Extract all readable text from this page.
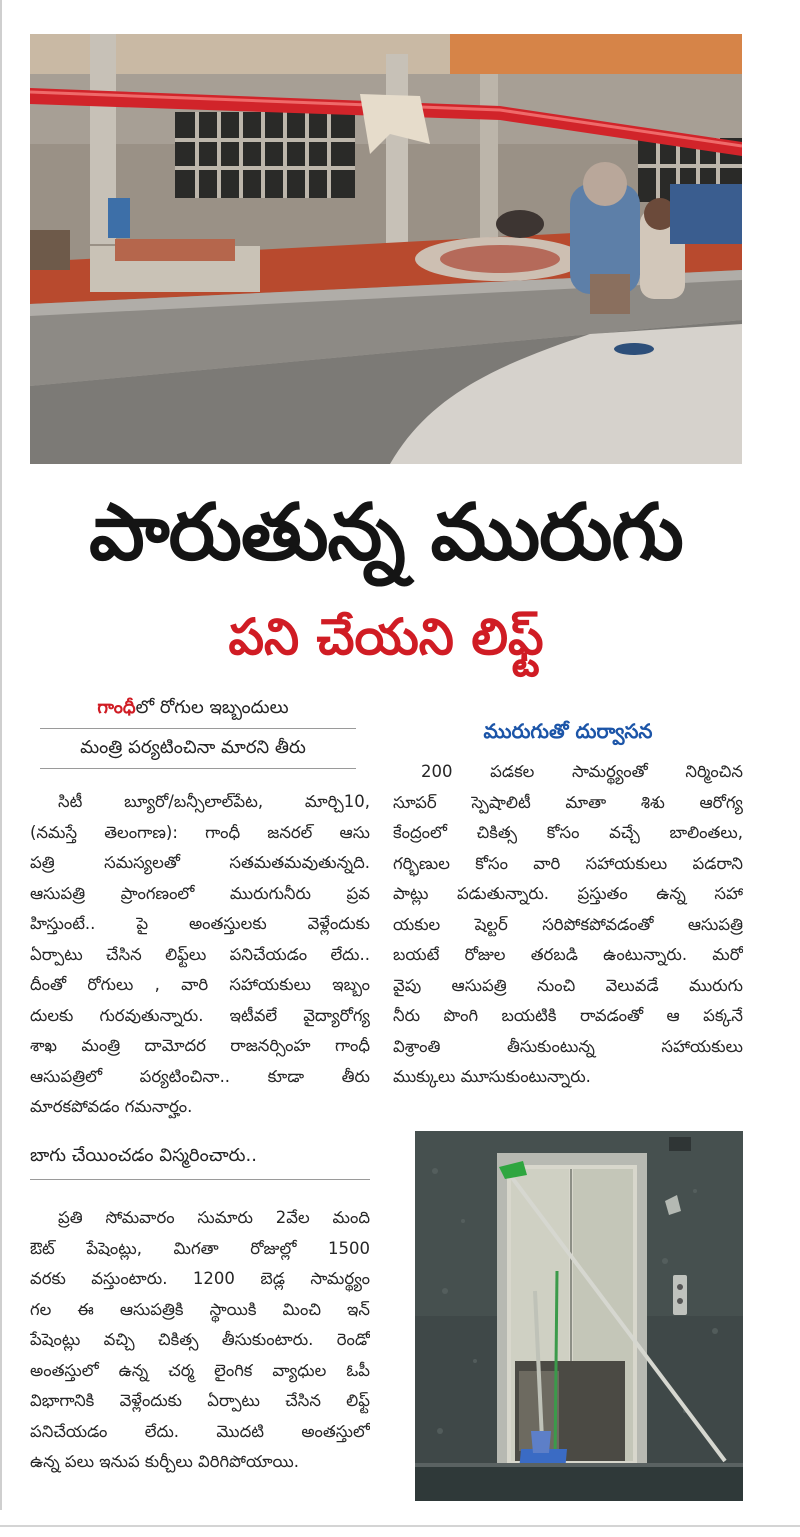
పారుతున్న మురుగు
పని చేయని లిఫ్ట్
గాంధీలో రోగుల ఇబ్బందులు
మంత్రి పర్యటించినా మారని తీరు
సిటీ బ్యూరో/బన్సీలాల్‌పేట, మార్చి10,
(నమస్తే తెలంగాణ): గాంధీ జనరల్ ఆసు
పత్రి సమస్యలతో సతమతమవుతున్నది.
ఆసుపత్రి ప్రాంగణంలో మురుగునీరు ప్రవ
హిస్తుంటే.. పై అంతస్తులకు వెళ్లేందుకు
ఏర్పాటు చేసిన లిఫ్ట్‌లు పనిచేయడం లేదు..
దీంతో రోగులు , వారి సహాయకులు ఇబ్బం
దులకు గురవుతున్నారు. ఇటీవలే వైద్యారోగ్య
శాఖ మంత్రి దామోదర రాజనర్సింహ గాంధీ
ఆసుపత్రిలో పర్యటించినా.. కూడా తీరు
మారకపోవడం గమనార్హం.
బాగు చేయించడం విస్మరించారు..
ప్రతి సోమవారం సుమారు 2వేల మంది
ఔట్ పేషెంట్లు, మిగతా రోజుల్లో 1500
వరకు వస్తుంటారు. 1200 బెడ్ల సామర్థ్యం
గల ఈ ఆసుపత్రికి స్థాయికి మించి ఇన్
పేషెంట్లు వచ్చి చికిత్స తీసుకుంటారు. రెండో
అంతస్తులో ఉన్న చర్మ లైంగిక వ్యాధుల ఓపీ
విభాగానికి వెళ్లేందుకు ఏర్పాటు చేసిన లిఫ్ట్
పనిచేయడం లేదు. మొదటి అంతస్తులో
ఉన్న పలు ఇనుప కుర్చీలు విరిగిపోయాయి.
మురుగుతో దుర్వాసన
200 పడకల సామర్థ్యంతో నిర్మించిన
సూపర్ స్పెషాలిటీ మాతా శిశు ఆరోగ్య
కేంద్రంలో చికిత్స కోసం వచ్చే బాలింతలు,
గర్భిణుల కోసం వారి సహాయకులు పడరాని
పాట్లు పడుతున్నారు. ప్రస్తుతం ఉన్న సహా
యకుల షెల్టర్ సరిపోకపోవడంతో ఆసుపత్రి
బయటే రోజుల తరబడి ఉంటున్నారు. మరో
వైపు ఆసుపత్రి నుంచి వెలువడే మురుగు
నీరు పొంగి బయటికి రావడంతో ఆ పక్కనే
విశ్రాంతి తీసుకుంటున్న సహాయకులు
ముక్కులు మూసుకుంటున్నారు.
